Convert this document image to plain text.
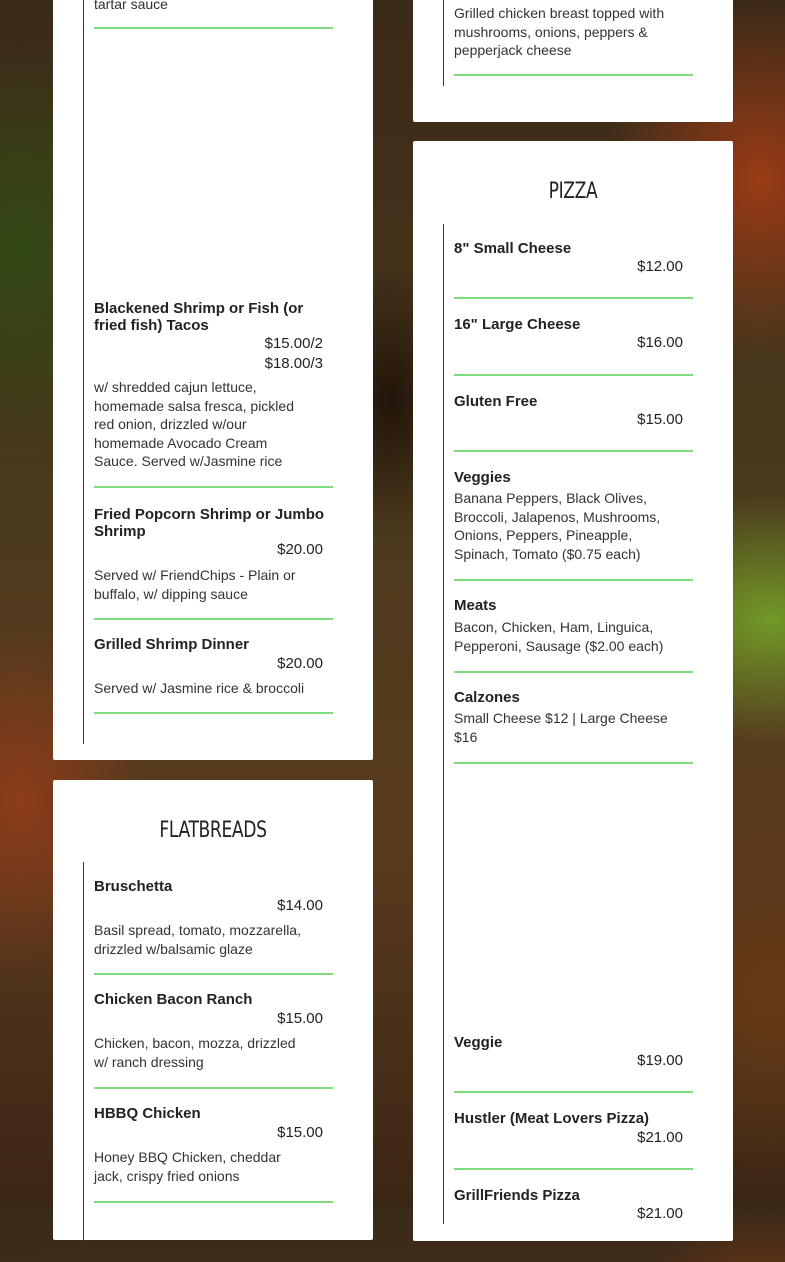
tartar sauce
Blackened Shrimp or Fish (or fried fish) Tacos
$15.00/2
$18.00/3
w/ shredded cajun lettuce, homemade salsa fresca, pickled red onion, drizzled w/our homemade Avocado Cream Sauce. Served w/Jasmine rice
Fried Popcorn Shrimp or Jumbo Shrimp
$20.00
Served w/ FriendChips - Plain or buffalo, w/ dipping sauce
Grilled Shrimp Dinner
$20.00
Served w/ Jasmine rice & broccoli
FLATBREADS
Bruschetta
$14.00
Basil spread, tomato, mozzarella, drizzled w/balsamic glaze
Chicken Bacon Ranch
$15.00
Chicken, bacon, mozza, drizzled w/ ranch dressing
HBBQ Chicken
$15.00
Honey BBQ Chicken, cheddar jack, crispy fried onions
Grilled chicken breast topped with mushrooms, onions, peppers & pepperjack cheese
PIZZA
8" Small Cheese
$12.00
16" Large Cheese
$16.00
Gluten Free
$15.00
Veggies
Banana Peppers, Black Olives, Broccoli, Jalapenos, Mushrooms, Onions, Peppers, Pineapple, Spinach, Tomato ($0.75 each)
Meats
Bacon, Chicken, Ham, Linguica, Pepperoni, Sausage ($2.00 each)
Calzones
Small Cheese $12 | Large Cheese $16
Veggie
$19.00
Hustler (Meat Lovers Pizza)
$21.00
GrillFriends Pizza
$21.00
